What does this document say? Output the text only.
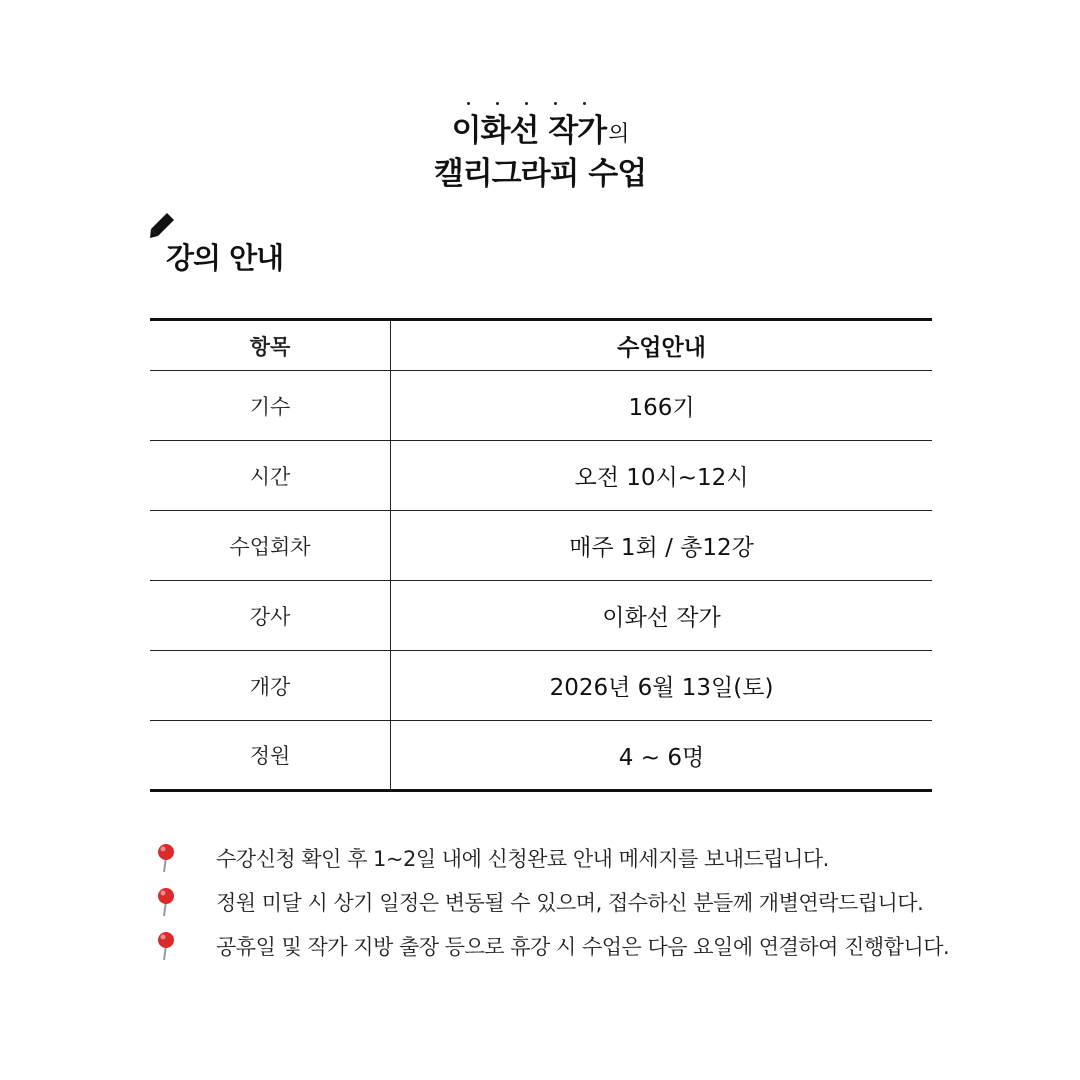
이화선 작가의
캘리그라피 수업
강의 안내
항목	수업안내
기수	166기
시간	오전 10시~12시
수업회차	매주 1회 / 총12강
강사	이화선 작가
개강	2026년 6월 13일(토)
정원	4 ~ 6명
수강신청 확인 후 1~2일 내에 신청완료 안내 메세지를 보내드립니다.
정원 미달 시 상기 일정은 변동될 수 있으며, 접수하신 분들께 개별연락드립니다.
공휴일 및 작가 지방 출장 등으로 휴강 시 수업은 다음 요일에 연결하여 진행합니다.
